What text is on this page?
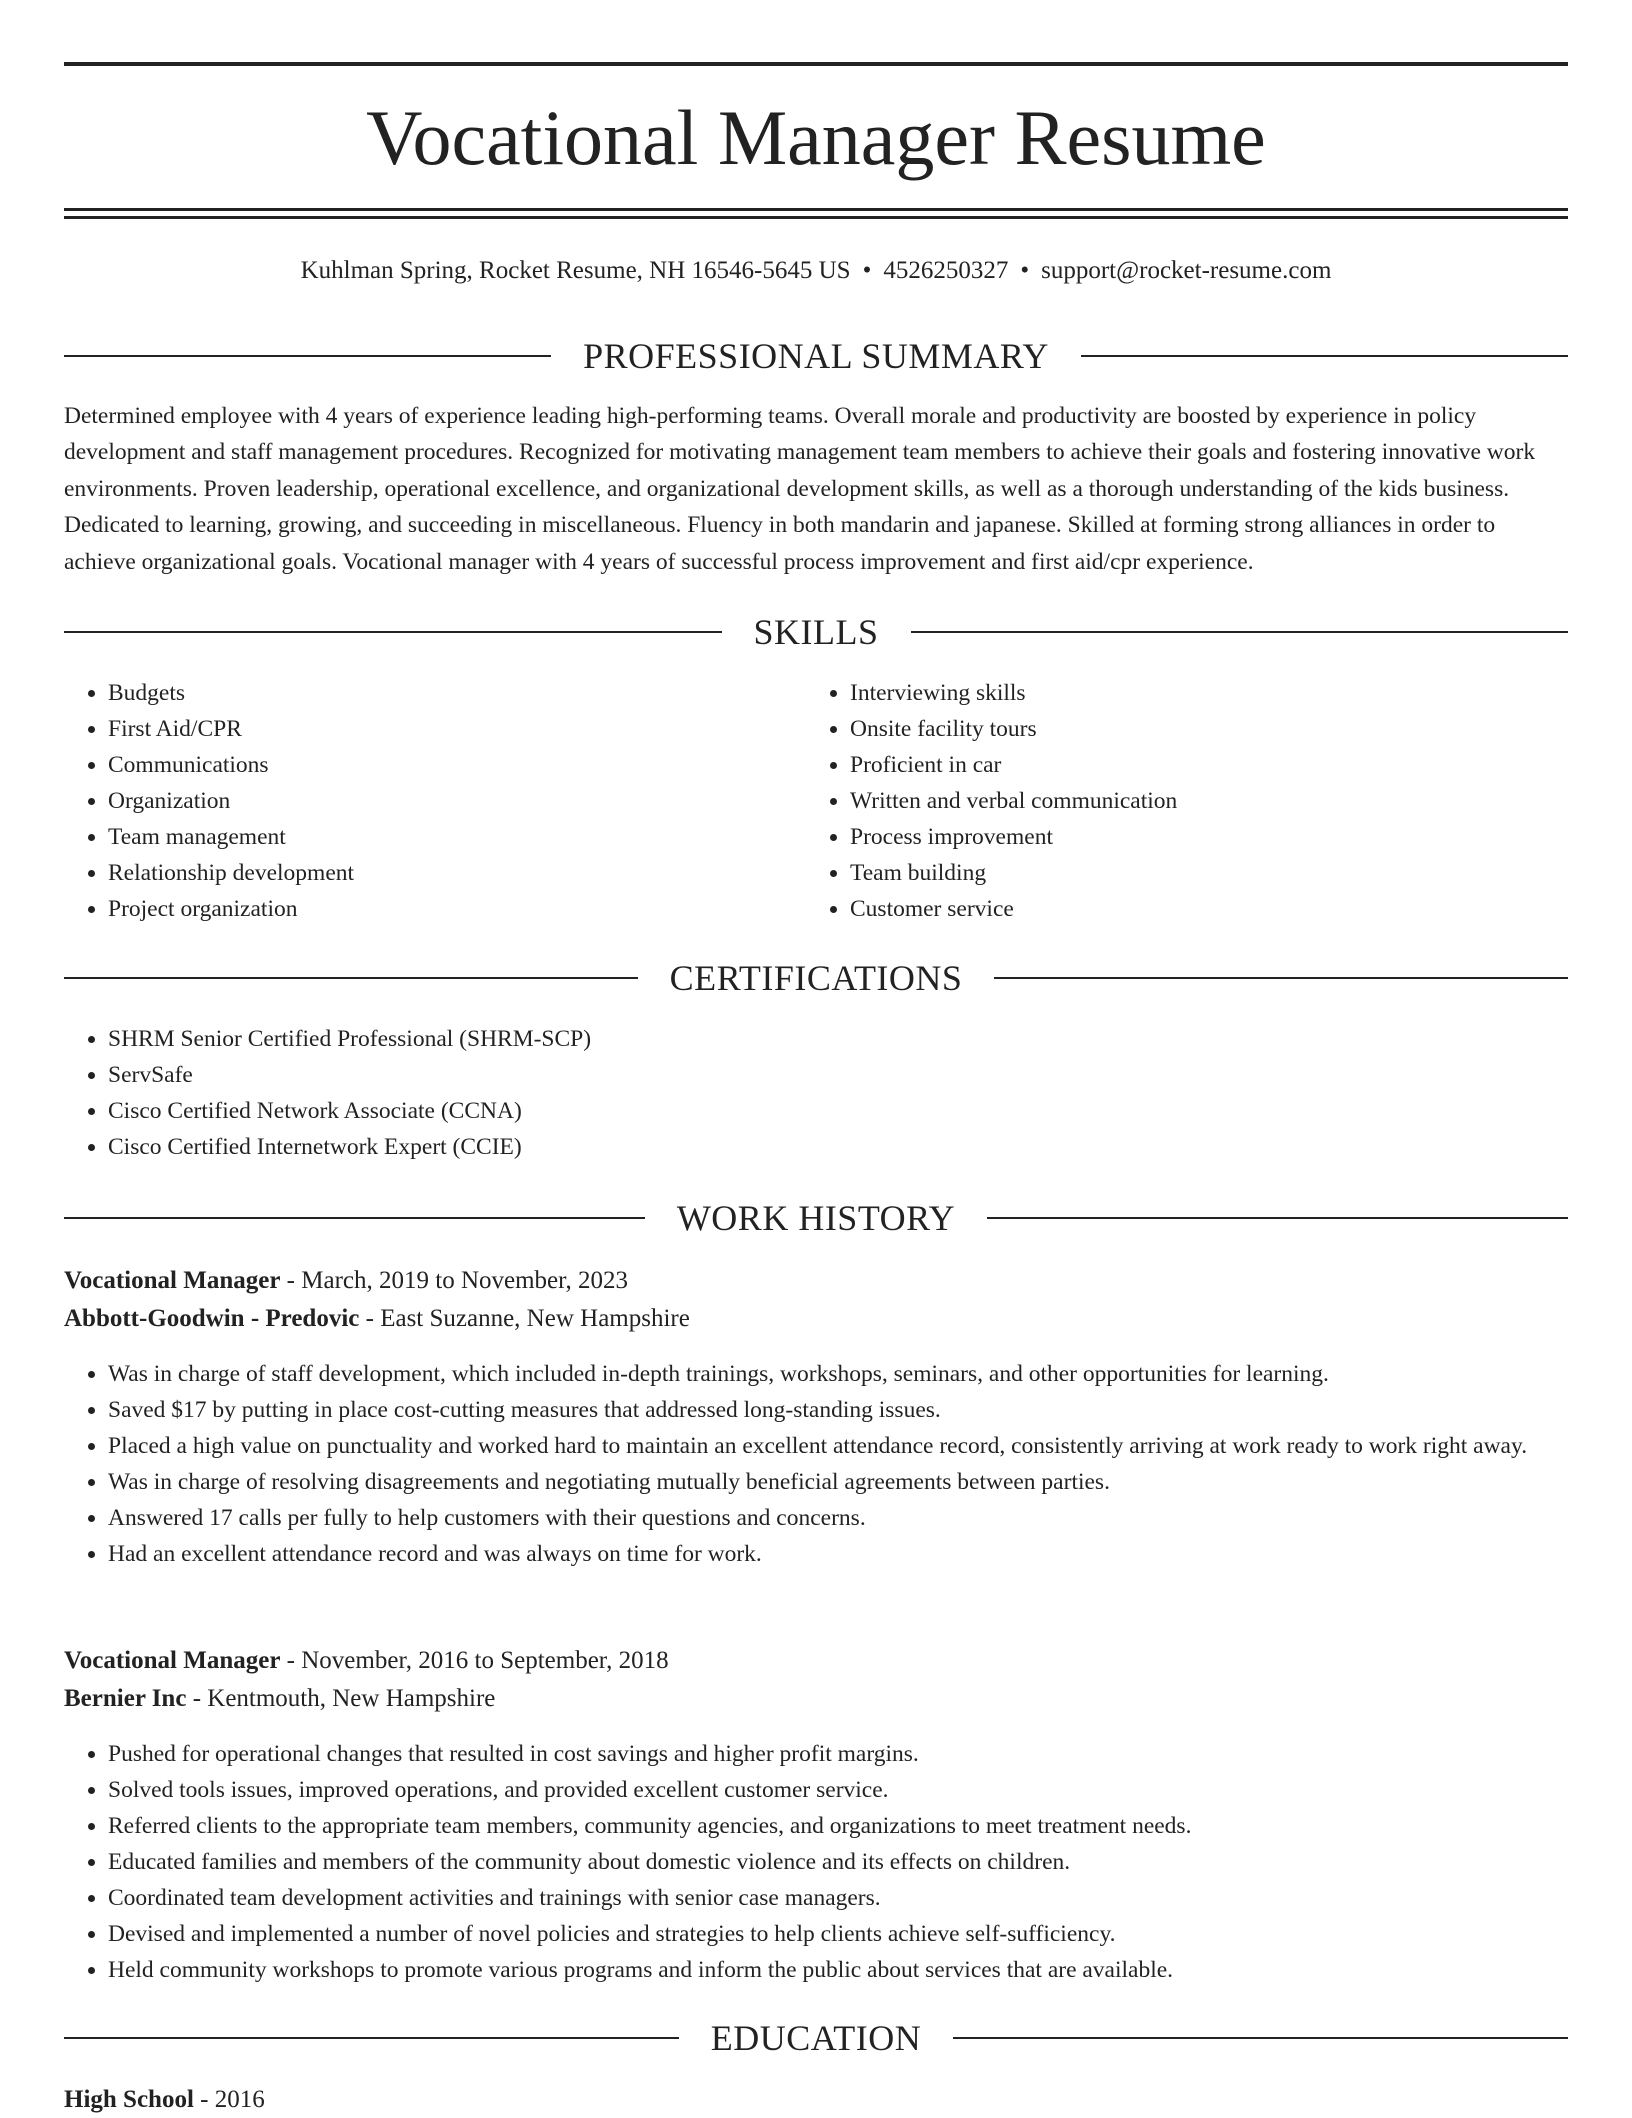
Vocational Manager Resume
Kuhlman Spring, Rocket Resume, NH 16546-5645 US • 4526250327 • support@rocket-resume.com
PROFESSIONAL SUMMARY

Determined employee with 4 years of experience leading high-performing teams. Overall morale and productivity are boosted by experience in policy development and staff management procedures. Recognized for motivating management team members to achieve their goals and fostering innovative work environments. Proven leadership, operational excellence, and organizational development skills, as well as a thorough understanding of the kids business. Dedicated to learning, growing, and succeeding in miscellaneous. Fluency in both mandarin and japanese. Skilled at forming strong alliances in order to achieve organizational goals. Vocational manager with 4 years of successful process improvement and first aid/cpr experience.

SKILLS
• Budgets
• First Aid/CPR
• Communications
• Organization
• Team management
• Relationship development
• Project organization
• Interviewing skills
• Onsite facility tours
• Proficient in car
• Written and verbal communication
• Process improvement
• Team building
• Customer service
CERTIFICATIONS
• SHRM Senior Certified Professional (SHRM-SCP)
• ServSafe
• Cisco Certified Network Associate (CCNA)
• Cisco Certified Internetwork Expert (CCIE)
WORK HISTORY
Vocational Manager - March, 2019 to November, 2023
Abbott-Goodwin - Predovic - East Suzanne, New Hampshire
• Was in charge of staff development, which included in-depth trainings, workshops, seminars, and other opportunities for learning.
• Saved $17 by putting in place cost-cutting measures that addressed long-standing issues.
• Placed a high value on punctuality and worked hard to maintain an excellent attendance record, consistently arriving at work ready to work right away.
• Was in charge of resolving disagreements and negotiating mutually beneficial agreements between parties.
• Answered 17 calls per fully to help customers with their questions and concerns.
• Had an excellent attendance record and was always on time for work.
Vocational Manager - November, 2016 to September, 2018
Bernier Inc - Kentmouth, New Hampshire
• Pushed for operational changes that resulted in cost savings and higher profit margins.
• Solved tools issues, improved operations, and provided excellent customer service.
• Referred clients to the appropriate team members, community agencies, and organizations to meet treatment needs.
• Educated families and members of the community about domestic violence and its effects on children.
• Coordinated team development activities and trainings with senior case managers.
• Devised and implemented a number of novel policies and strategies to help clients achieve self-sufficiency.
• Held community workshops to promote various programs and inform the public about services that are available.
EDUCATION
High School - 2016
